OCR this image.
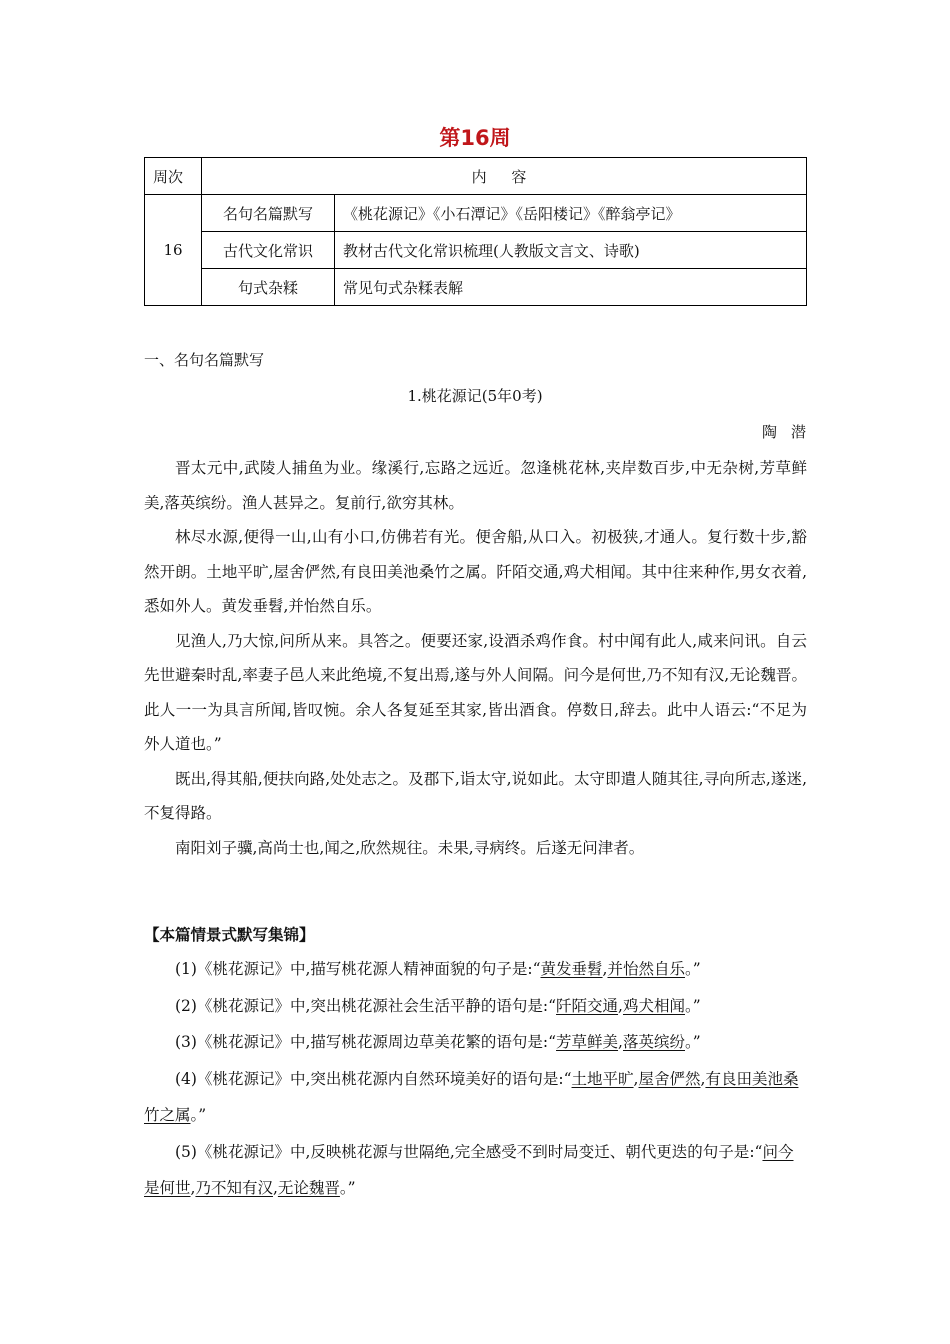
第16周
周次	内 容	
16	名句名篇默写	《桃花源记》《小石潭记》《岳阳楼记》《醉翁亭记》
	古代文化常识	教材古代文化常识梳理(人教版文言文、诗歌)
	句式杂糅	常见句式杂糅表解
一、名句名篇默写
1.桃花源记(5年0考)
陶潜

晋太元中,武陵人捕鱼为业。缘溪行,忘路之远近。忽逢桃花林,夹岸数百步,中无杂树,芳草鲜美,落英缤纷。渔人甚异之。复前行,欲穷其林。

林尽水源,便得一山,山有小口,仿佛若有光。便舍船,从口入。初极狭,才通人。复行数十步,豁然开朗。土地平旷,屋舍俨然,有良田美池桑竹之属。阡陌交通,鸡犬相闻。其中往来种作,男女衣着,悉如外人。黄发垂髫,并怡然自乐。

见渔人,乃大惊,问所从来。具答之。便要还家,设酒杀鸡作食。村中闻有此人,咸来问讯。自云先世避秦时乱,率妻子邑人来此绝境,不复出焉,遂与外人间隔。问今是何世,乃不知有汉,无论魏晋。此人一一为具言所闻,皆叹惋。余人各复延至其家,皆出酒食。停数日,辞去。此中人语云:“不足为外人道也。”

既出,得其船,便扶向路,处处志之。及郡下,诣太守,说如此。太守即遣人随其往,寻向所志,遂迷,不复得路。

南阳刘子骥,高尚士也,闻之,欣然规往。未果,寻病终。后遂无问津者。

【本篇情景式默写集锦】

(1)《桃花源记》中,描写桃花源人精神面貌的句子是:“黄发垂髫,并怡然自乐。”

(2)《桃花源记》中,突出桃花源社会生活平静的语句是:“阡陌交通,鸡犬相闻。”

(3)《桃花源记》中,描写桃花源周边草美花繁的语句是:“芳草鲜美,落英缤纷。”

(4)《桃花源记》中,突出桃花源内自然环境美好的语句是:“土地平旷,屋舍俨然,有良田美池桑竹之属。”

(5)《桃花源记》中,反映桃花源与世隔绝,完全感受不到时局变迁、朝代更迭的句子是:“问今是何世,乃不知有汉,无论魏晋。”
